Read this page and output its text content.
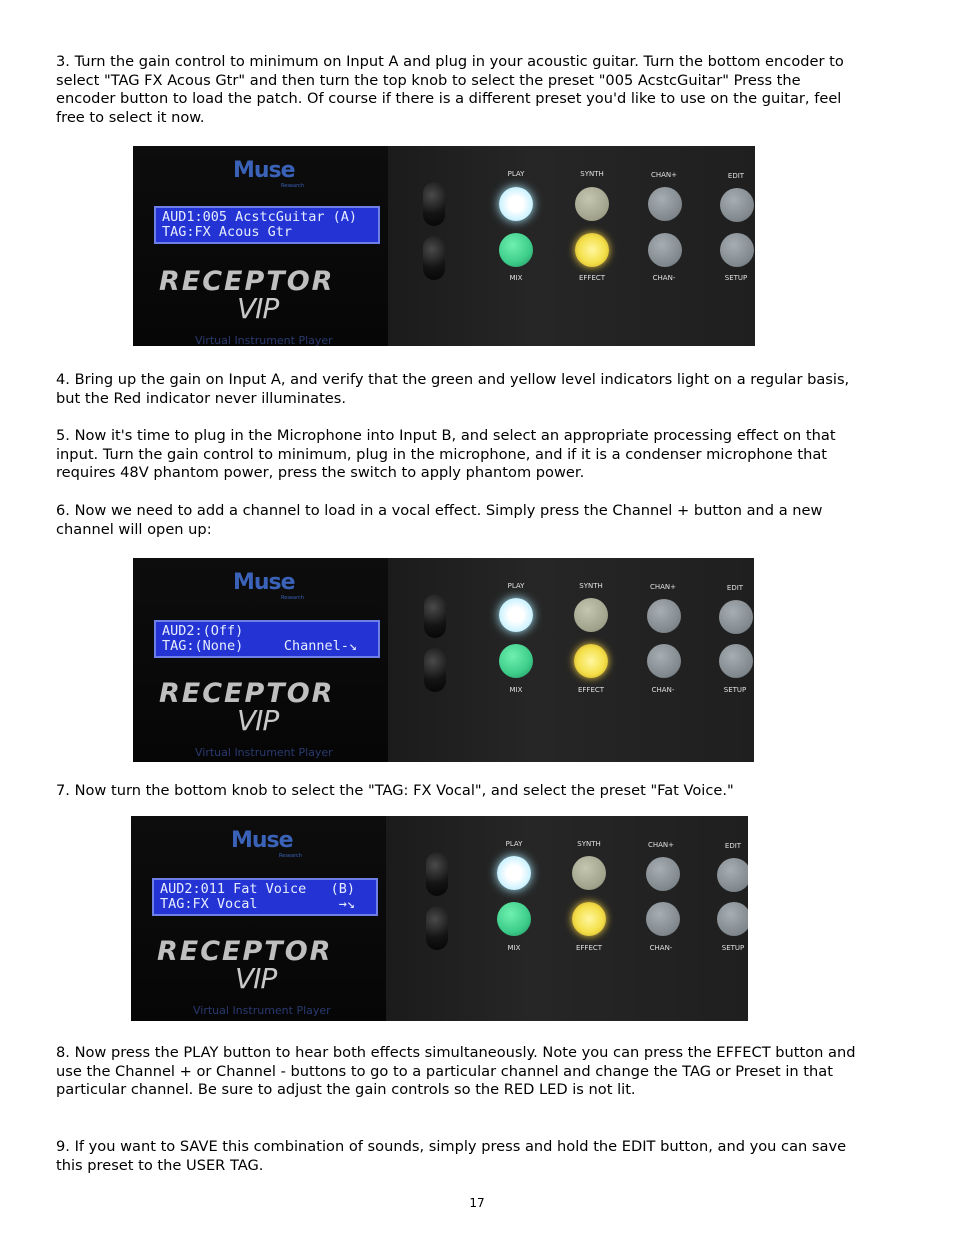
3. Turn the gain control to minimum on Input A and plug in your acoustic guitar. Turn the bottom encoder to select "TAG FX Acous Gtr" and then turn the top knob to select the preset "005 AcstcGuitar" Press the encoder button to load the patch. Of course if there is a different preset you'd like to use on the guitar, feel free to select it now.

Muse
Research
AUD1:005 AcstcGuitar (A)
TAG:FX Acous Gtr
RECEPTOR
VIP
Virtual Instrument Player
PLAY	SYNTH	CHAN+	EDIT
MIX	EFFECT	CHAN-	SETUP

4. Bring up the gain on Input A, and verify that the green and yellow level indicators light on a regular basis, but the Red indicator never illuminates.

5. Now it's time to plug in the Microphone into Input B, and select an appropriate processing effect on that input. Turn the gain control to minimum, plug in the microphone, and if it is a condenser microphone that requires 48V phantom power, press the switch to apply phantom power.

6. Now we need to add a channel to load in a vocal effect. Simply press the Channel + button and a new channel will open up:

Muse
Research
AUD2:(Off)
TAG:(None)     Channel-↘
RECEPTOR
VIP
Virtual Instrument Player
PLAY	SYNTH	CHAN+	EDIT
MIX	EFFECT	CHAN-	SETUP

7. Now turn the bottom knob to select the "TAG: FX Vocal", and select the preset "Fat Voice."

Muse
Research
AUD2:011 Fat Voice   (B)
TAG:FX Vocal          →↘
RECEPTOR
VIP
Virtual Instrument Player
PLAY	SYNTH	CHAN+	EDIT
MIX	EFFECT	CHAN-	SETUP

8. Now press the PLAY button to hear both effects simultaneously. Note you can press the EFFECT button and use the Channel + or Channel - buttons to go to a particular channel and change the TAG or Preset in that particular channel. Be sure to adjust the gain controls so the RED LED is not lit.

9. If you want to SAVE this combination of sounds, simply press and hold the EDIT button, and you can save this preset to the USER TAG.

17
